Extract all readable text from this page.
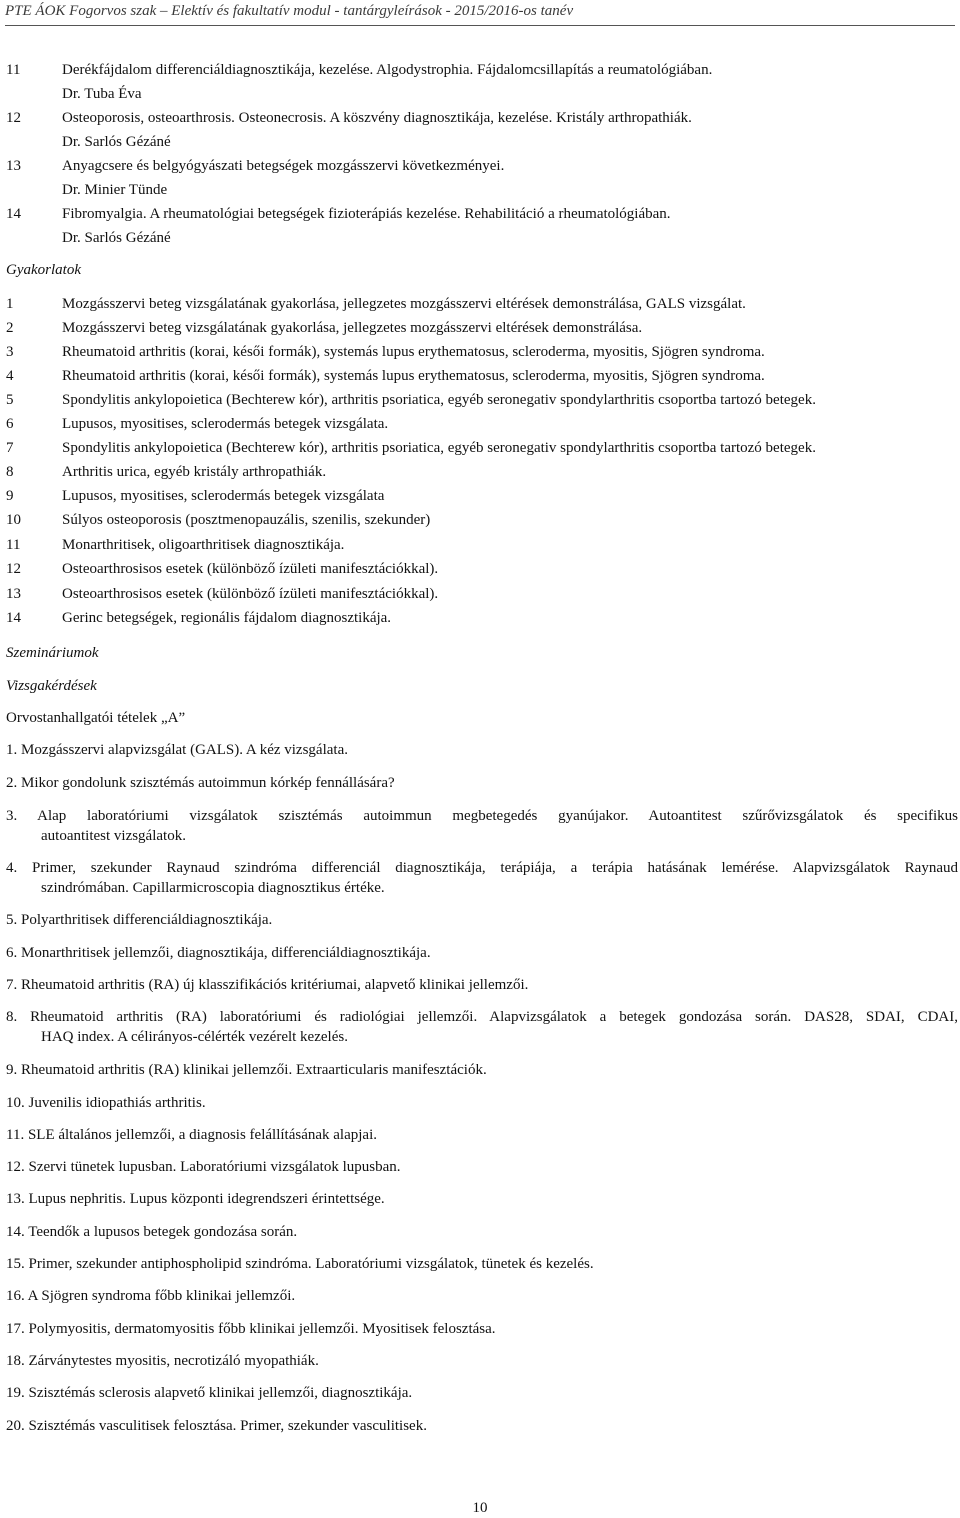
PTE ÁOK Fogorvos szak – Elektív és fakultatív modul - tantárgyleírások - 2015/2016-os tanév
11	Derékfájdalom differenciáldiagnosztikája, kezelése. Algodystrophia. Fájdalomcsillapítás a reumatológiában.
Dr. Tuba Éva
12	Osteoporosis, osteoarthrosis. Osteonecrosis. A köszvény diagnosztikája, kezelése. Kristály arthropathiák.
Dr. Sarlós Gézáné
13	Anyagcsere és belgyógyászati betegségek mozgásszervi következményei.
Dr. Minier Tünde
14	Fibromyalgia. A rheumatológiai betegségek fizioterápiás kezelése. Rehabilitáció a rheumatológiában.
Dr. Sarlós Gézáné
Gyakorlatok
1	Mozgásszervi beteg vizsgálatának gyakorlása, jellegzetes mozgásszervi eltérések demonstrálása, GALS vizsgálat.
2	Mozgásszervi beteg vizsgálatának gyakorlása, jellegzetes mozgásszervi eltérések demonstrálása.
3	Rheumatoid arthritis (korai, késői formák), systemás lupus erythematosus, scleroderma, myositis, Sjögren syndroma.
4	Rheumatoid arthritis (korai, késői formák), systemás lupus erythematosus, scleroderma, myositis, Sjögren syndroma.
5	Spondylitis ankylopoietica (Bechterew kór), arthritis psoriatica, egyéb seronegativ spondylarthritis csoportba tartozó betegek.
6	Lupusos, myositises, sclerodermás betegek vizsgálata.
7	Spondylitis ankylopoietica (Bechterew kór), arthritis psoriatica, egyéb seronegativ spondylarthritis csoportba tartozó betegek.
8	Arthritis urica, egyéb kristály arthropathiák.
9	Lupusos, myositises, sclerodermás betegek vizsgálata
10	Súlyos osteoporosis (posztmenopauzális, szenilis, szekunder)
11	Monarthritisek, oligoarthritisek diagnosztikája.
12	Osteoarthrosisos esetek (különböző ízületi manifesztációkkal).
13	Osteoarthrosisos esetek (különböző ízületi manifesztációkkal).
14	Gerinc betegségek, regionális fájdalom diagnosztikája.
Szemináriumok
Vizsgakérdések
Orvostanhallgatói tételek „A”
1. Mozgásszervi alapvizsgálat (GALS). A kéz vizsgálata.
2. Mikor gondolunk szisztémás autoimmun kórkép fennállására?
3. Alap laboratóriumi vizsgálatok szisztémás autoimmun megbetegedés gyanújakor. Autoantitest szűrővizsgálatok és specifikus
autoantitest vizsgálatok.
4. Primer, szekunder Raynaud szindróma differenciál diagnosztikája, terápiája, a terápia hatásának lemérése. Alapvizsgálatok Raynaud
szindrómában. Capillarmicroscopia diagnosztikus értéke.
5. Polyarthritisek differenciáldiagnosztikája.
6. Monarthritisek jellemzői, diagnosztikája, differenciáldiagnosztikája.
7. Rheumatoid arthritis (RA) új klasszifikációs kritériumai, alapvető klinikai jellemzői.
8. Rheumatoid arthritis (RA) laboratóriumi és radiológiai jellemzői. Alapvizsgálatok a betegek gondozása során. DAS28, SDAI, CDAI,
HAQ index. A célirányos-célérték vezérelt kezelés.
9. Rheumatoid arthritis (RA) klinikai jellemzői. Extraarticularis manifesztációk.
10. Juvenilis idiopathiás arthritis.
11. SLE általános jellemzői, a diagnosis felállításának alapjai.
12. Szervi tünetek lupusban. Laboratóriumi vizsgálatok lupusban.
13. Lupus nephritis. Lupus központi idegrendszeri érintettsége.
14. Teendők a lupusos betegek gondozása során.
15. Primer, szekunder antiphospholipid szindróma. Laboratóriumi vizsgálatok, tünetek és kezelés.
16. A Sjögren syndroma főbb klinikai jellemzői.
17. Polymyositis, dermatomyositis főbb klinikai jellemzői. Myositisek felosztása.
18. Zárványtestes myositis, necrotizáló myopathiák.
19. Szisztémás sclerosis alapvető klinikai jellemzői, diagnosztikája.
20. Szisztémás vasculitisek felosztása. Primer, szekunder vasculitisek.
10
